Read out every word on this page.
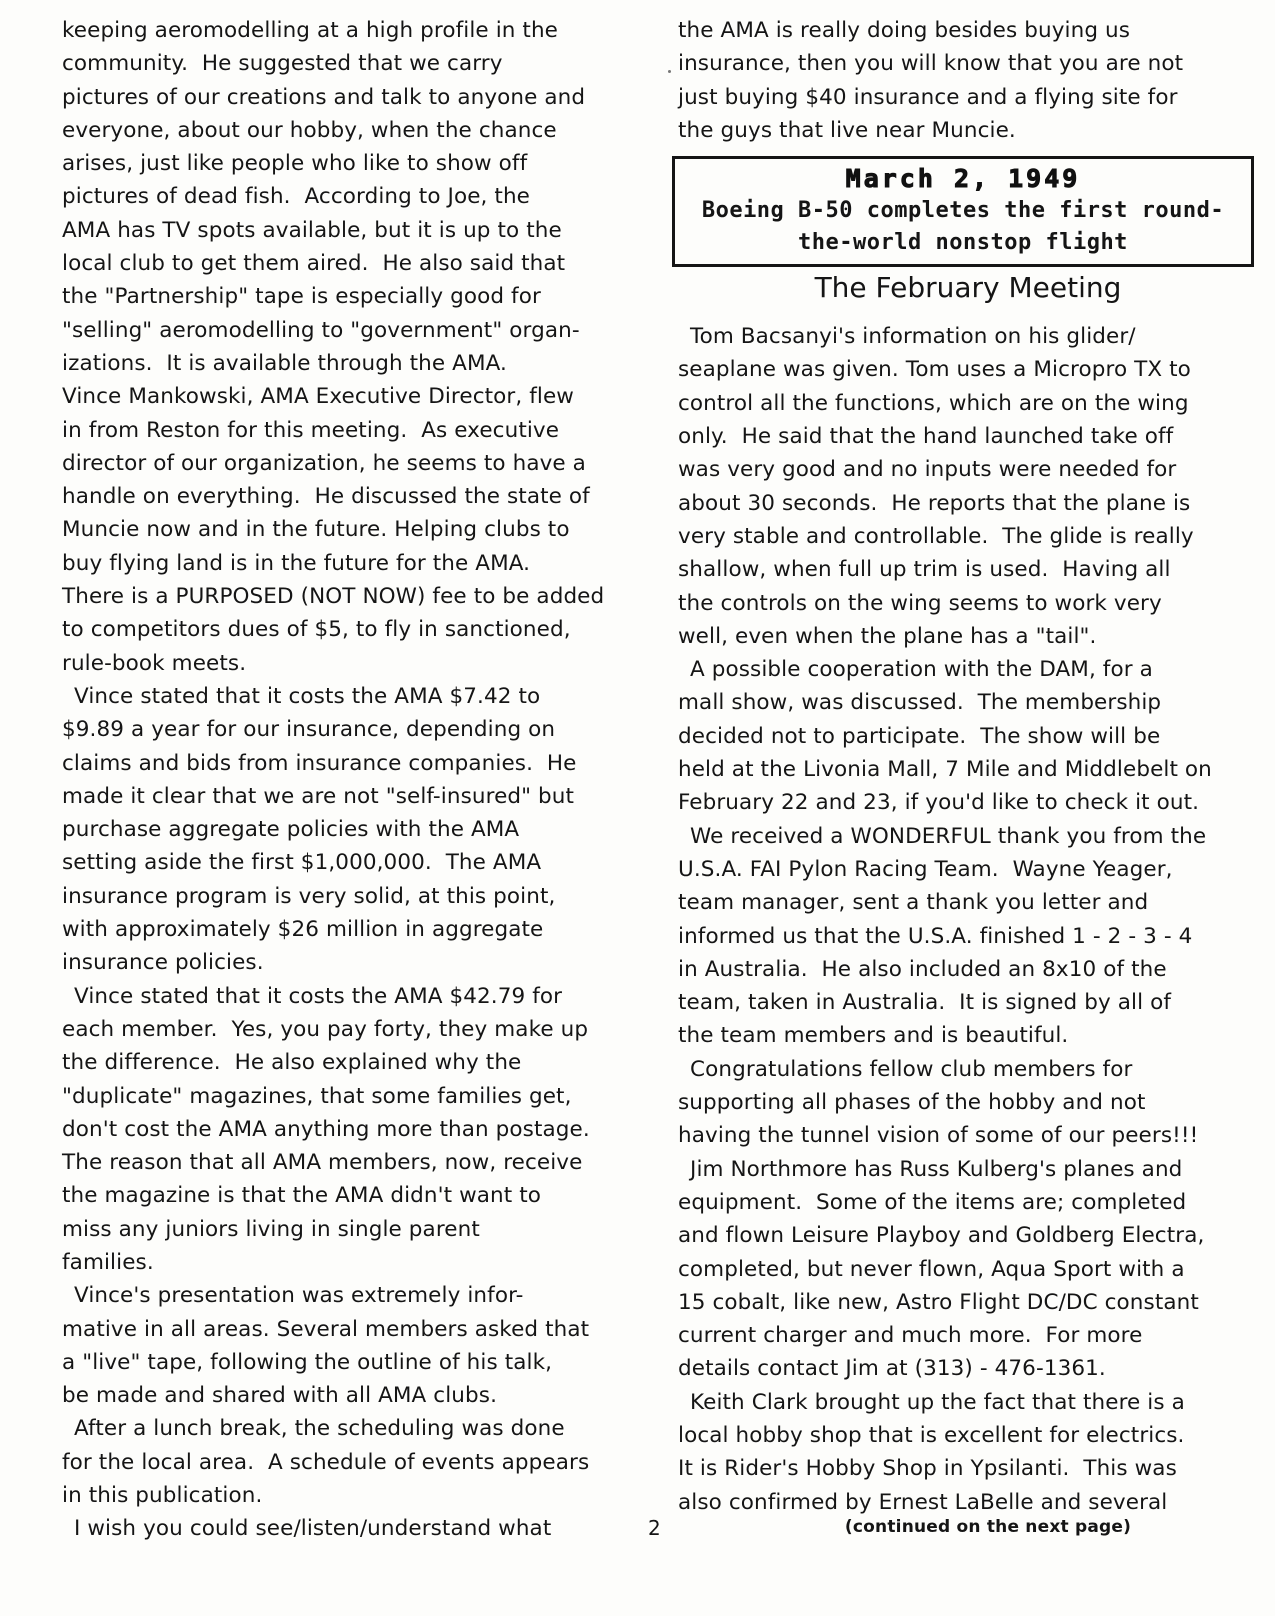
keeping aeromodelling at a high profile in the
community.  He suggested that we carry
pictures of our creations and talk to anyone and
everyone, about our hobby, when the chance
arises, just like people who like to show off
pictures of dead fish.  According to Joe, the
AMA has TV spots available, but it is up to the
local club to get them aired.  He also said that
the "Partnership" tape is especially good for
"selling" aeromodelling to "government" organ-
izations.  It is available through the AMA.
Vince Mankowski, AMA Executive Director, flew
in from Reston for this meeting.  As executive
director of our organization, he seems to have a
handle on everything.  He discussed the state of
Muncie now and in the future. Helping clubs to
buy flying land is in the future for the AMA.
There is a PURPOSED (NOT NOW) fee to be added
to competitors dues of $5, to fly in sanctioned,
rule-book meets.
Vince stated that it costs the AMA $7.42 to
$9.89 a year for our insurance, depending on
claims and bids from insurance companies.  He
made it clear that we are not "self-insured" but
purchase aggregate policies with the AMA
setting aside the first $1,000,000.  The AMA
insurance program is very solid, at this point,
with approximately $26 million in aggregate
insurance policies.
Vince stated that it costs the AMA $42.79 for
each member.  Yes, you pay forty, they make up
the difference.  He also explained why the
"duplicate" magazines, that some families get,
don't cost the AMA anything more than postage.
The reason that all AMA members, now, receive
the magazine is that the AMA didn't want to
miss any juniors living in single parent
families.
Vince's presentation was extremely infor-
mative in all areas. Several members asked that
a "live" tape, following the outline of his talk,
be made and shared with all AMA clubs.
After a lunch break, the scheduling was done
for the local area.  A schedule of events appears
in this publication.
I wish you could see/listen/understand what
the AMA is really doing besides buying us
insurance, then you will know that you are not
just buying $40 insurance and a flying site for
the guys that live near Muncie.
March 2, 1949
Boeing B-50 completes the first round-
the-world nonstop flight
The February Meeting
Tom Bacsanyi's information on his glider/
seaplane was given. Tom uses a Micropro TX to
control all the functions, which are on the wing
only.  He said that the hand launched take off
was very good and no inputs were needed for
about 30 seconds.  He reports that the plane is
very stable and controllable.  The glide is really
shallow, when full up trim is used.  Having all
the controls on the wing seems to work very
well, even when the plane has a "tail".
A possible cooperation with the DAM, for a
mall show, was discussed.  The membership
decided not to participate.  The show will be
held at the Livonia Mall, 7 Mile and Middlebelt on
February 22 and 23, if you'd like to check it out.
We received a WONDERFUL thank you from the
U.S.A. FAI Pylon Racing Team.  Wayne Yeager,
team manager, sent a thank you letter and
informed us that the U.S.A. finished 1 - 2 - 3 - 4
in Australia.  He also included an 8x10 of the
team, taken in Australia.  It is signed by all of
the team members and is beautiful.
Congratulations fellow club members for
supporting all phases of the hobby and not
having the tunnel vision of some of our peers!!!
Jim Northmore has Russ Kulberg's planes and
equipment.  Some of the items are; completed
and flown Leisure Playboy and Goldberg Electra,
completed, but never flown, Aqua Sport with a
15 cobalt, like new, Astro Flight DC/DC constant
current charger and much more.  For more
details contact Jim at (313) - 476-1361.
Keith Clark brought up the fact that there is a
local hobby shop that is excellent for electrics.
It is Rider's Hobby Shop in Ypsilanti.  This was
also confirmed by Ernest LaBelle and several
(continued on the next page)
2
